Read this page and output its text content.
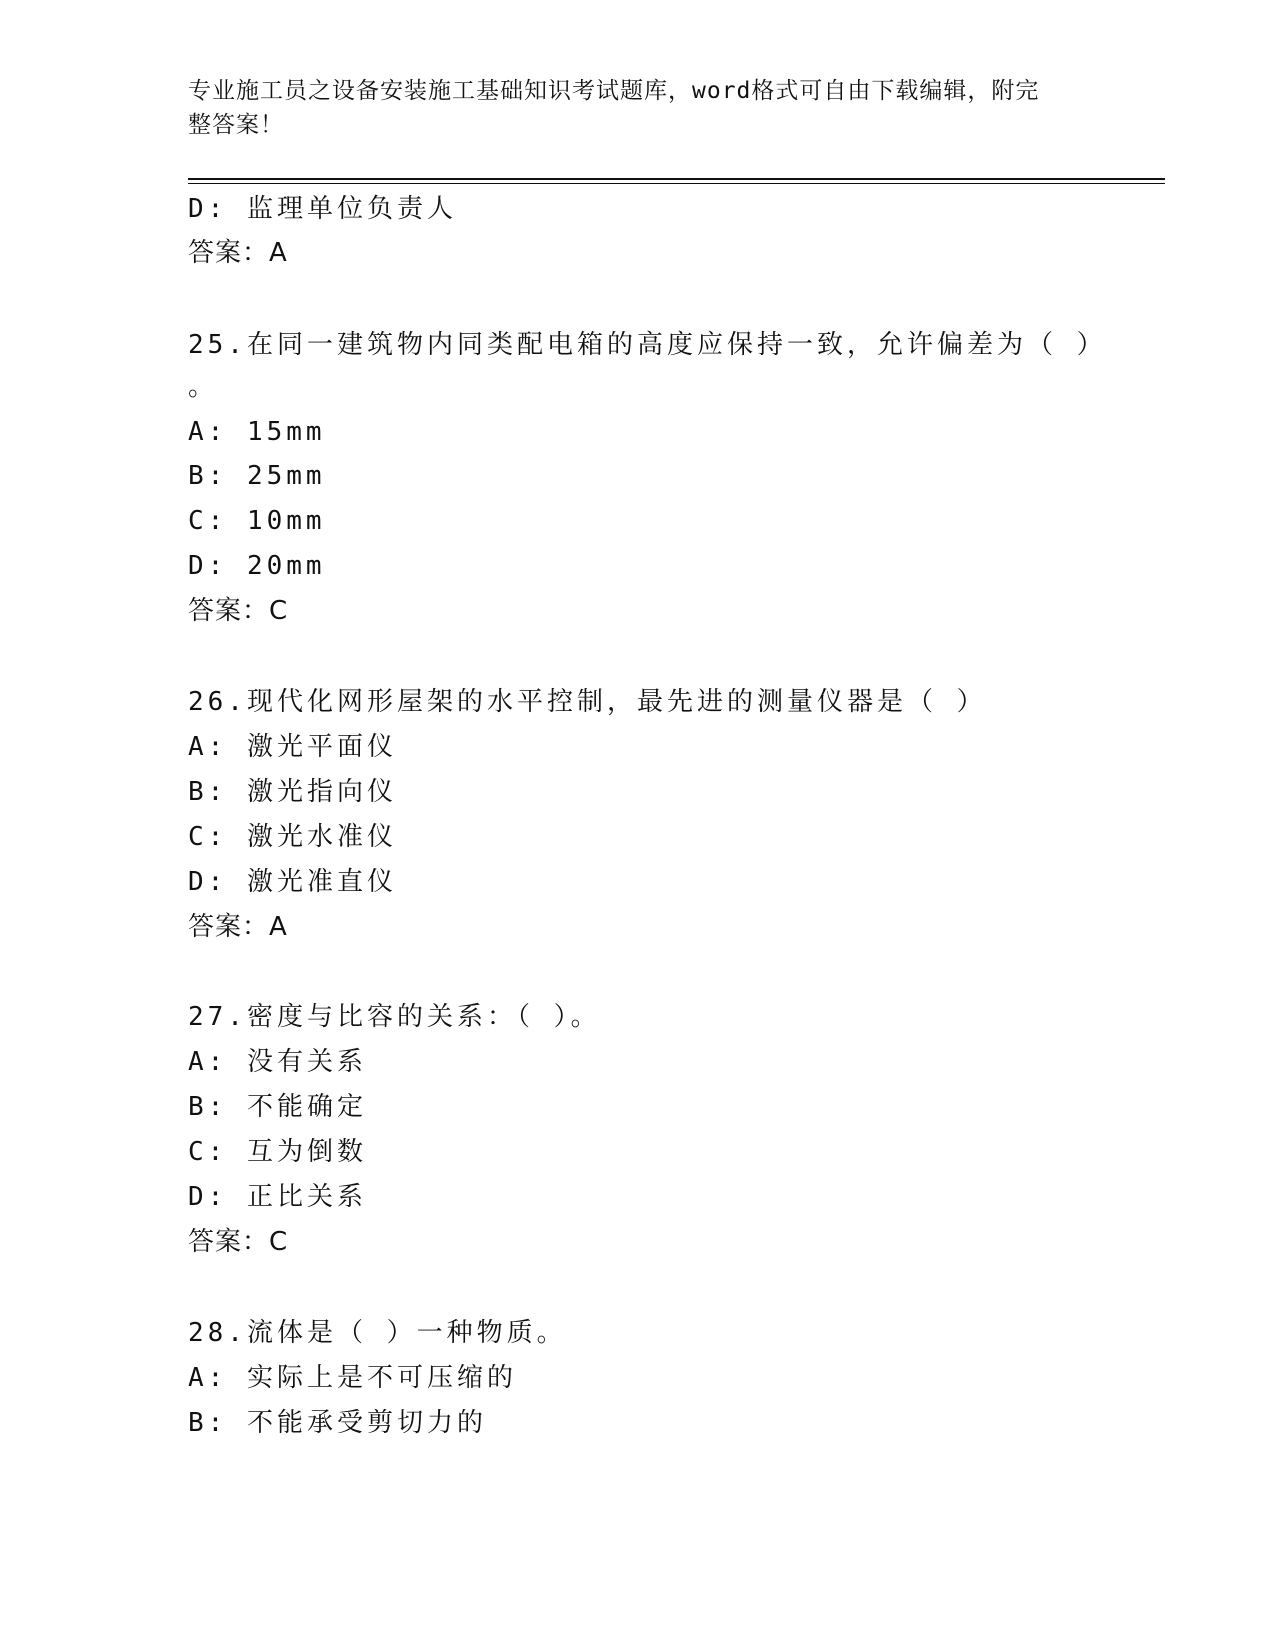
专业施工员之设备安装施工基础知识考试题库，word格式可自由下载编辑，附完
整答案！
D: 监理单位负责人
答案：A
25.在同一建筑物内同类配电箱的高度应保持一致，允许偏差为（ ）
。
A: 15mm
B: 25mm
C: 10mm
D: 20mm
答案：C
26.现代化网形屋架的水平控制，最先进的测量仪器是（ ）
A: 激光平面仪
B: 激光指向仪
C: 激光水准仪
D: 激光准直仪
答案：A
27.密度与比容的关系：（ ）。
A: 没有关系
B: 不能确定
C: 互为倒数
D: 正比关系
答案：C
28.流体是（ ）一种物质。
A: 实际上是不可压缩的
B: 不能承受剪切力的
